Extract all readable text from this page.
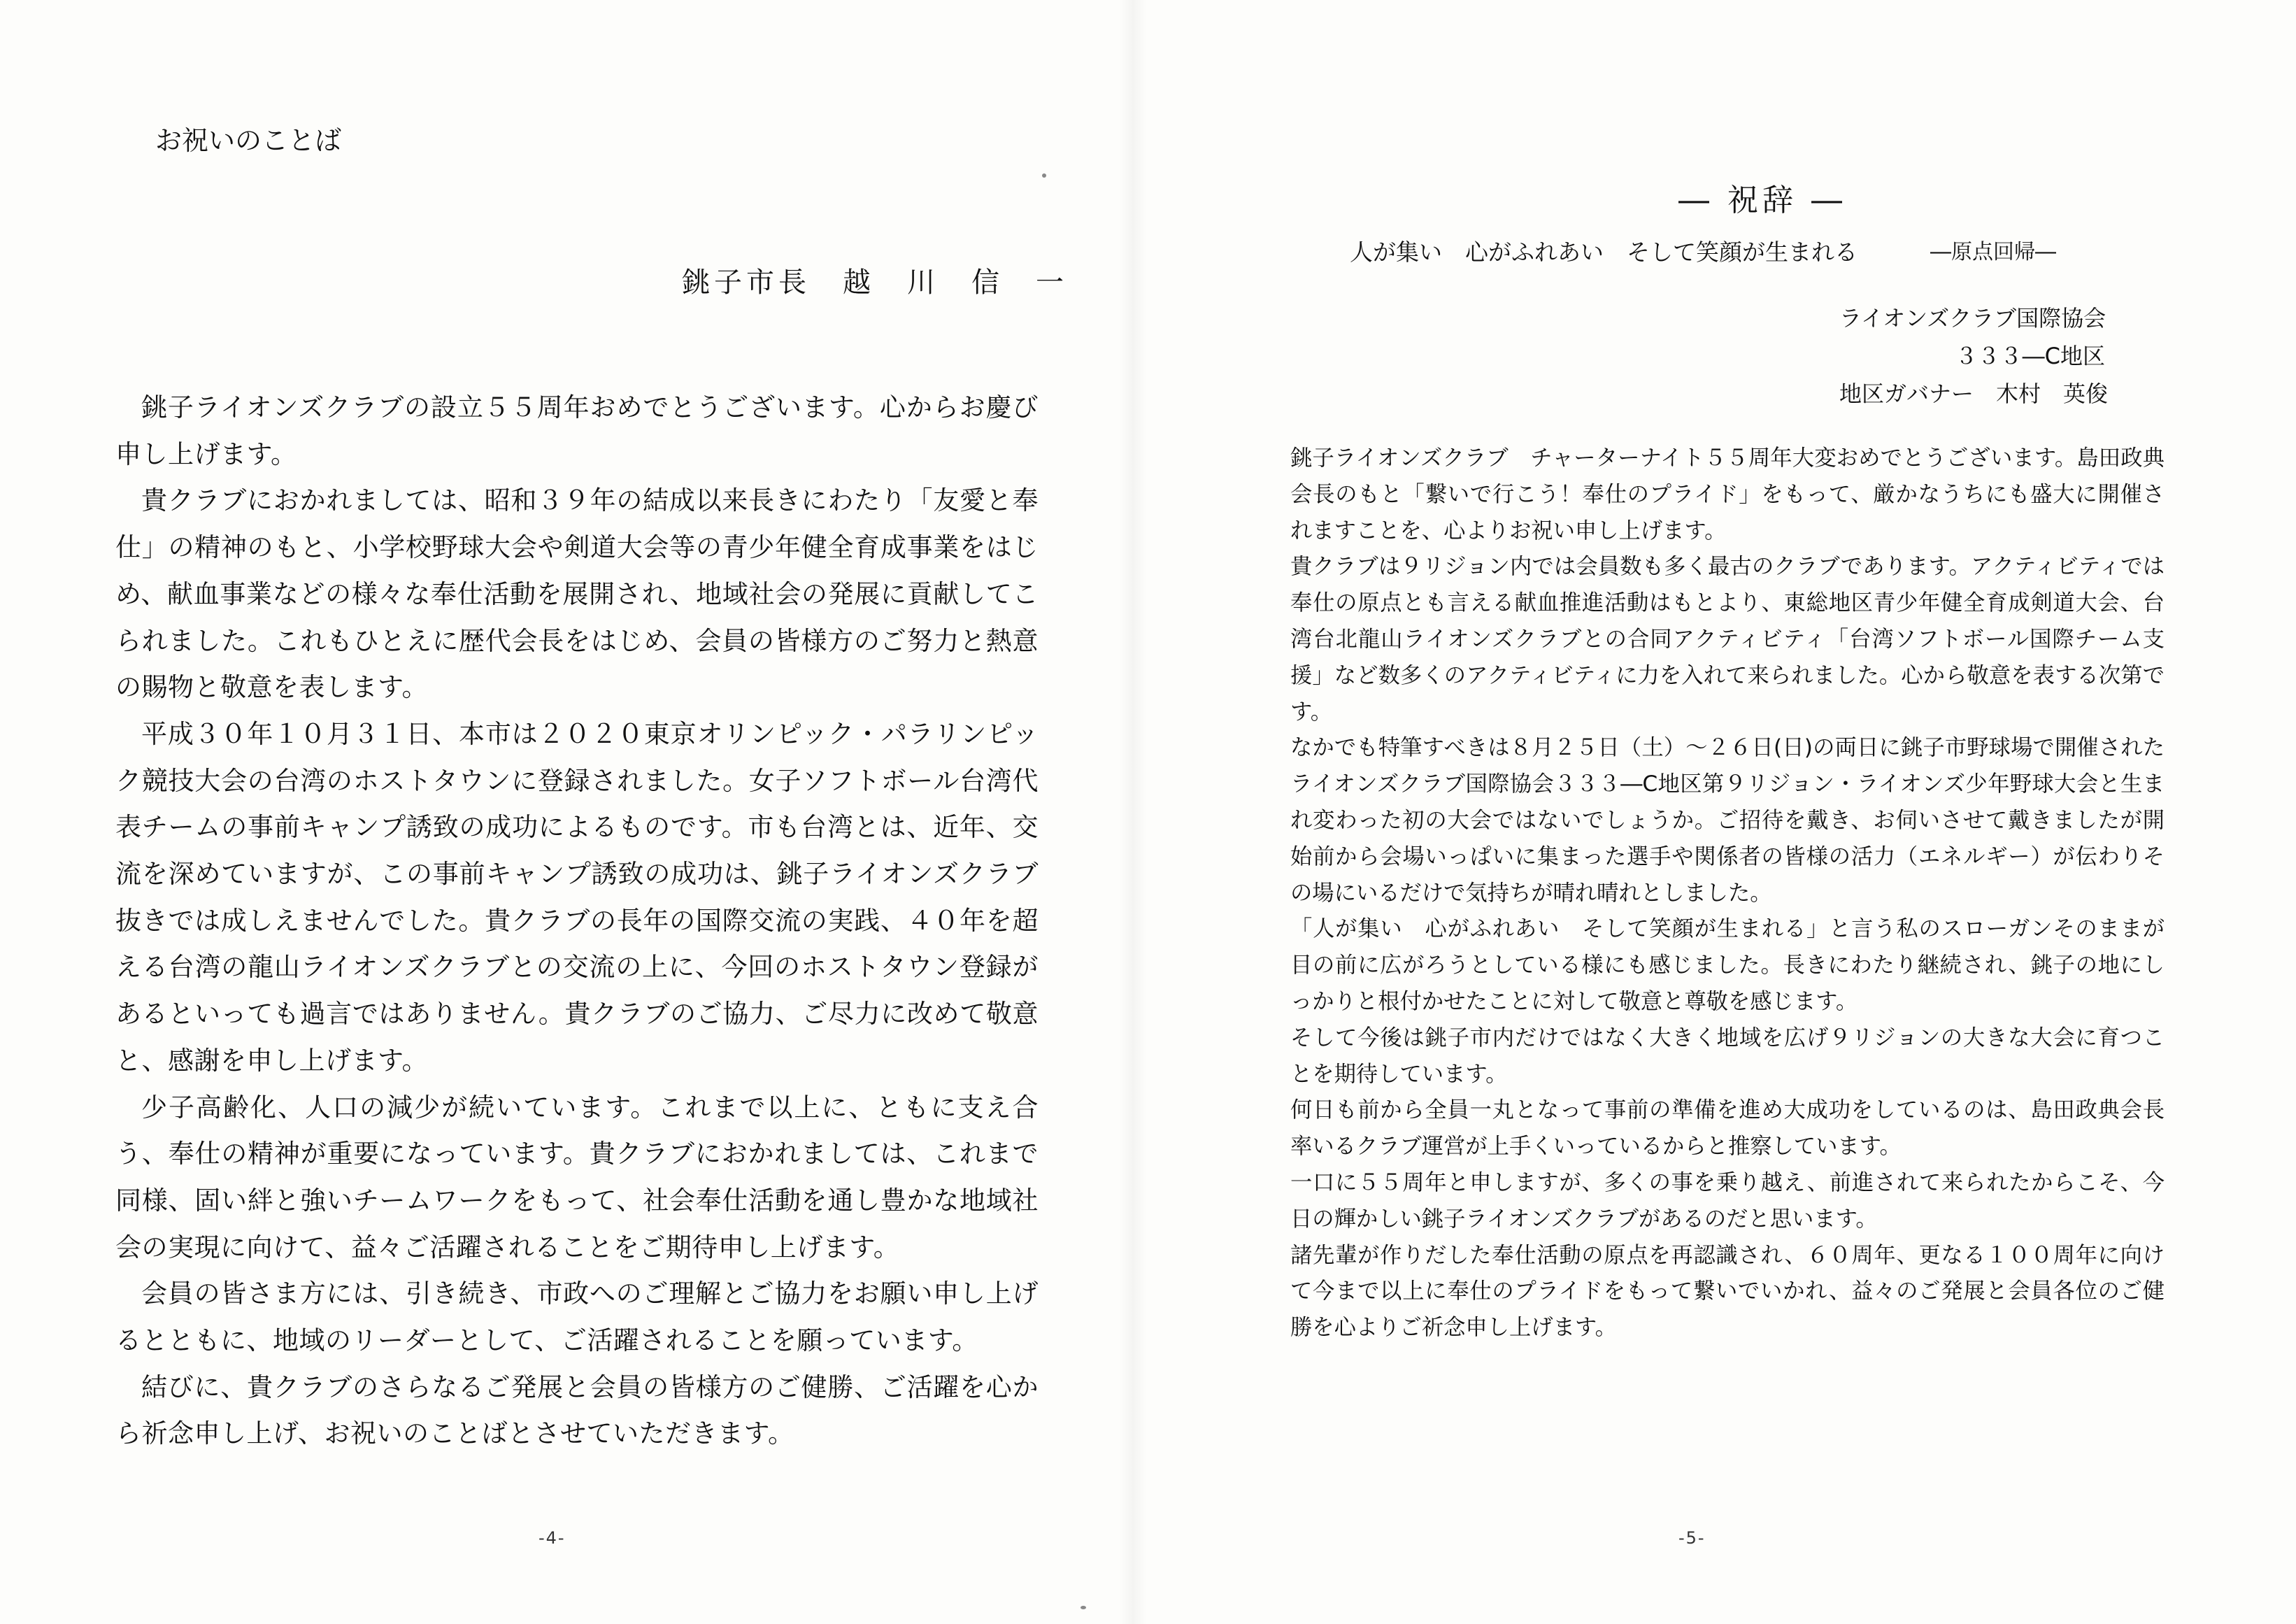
お祝いのことば
銚子市長　越　川　信　一

銚子ライオンズクラブの設立５５周年おめでとうございます。心からお慶び申し上げます。

貴クラブにおかれましては、昭和３９年の結成以来長きにわたり「友愛と奉仕」の精神のもと、小学校野球大会や剣道大会等の青少年健全育成事業をはじめ、献血事業などの様々な奉仕活動を展開され、地域社会の発展に貢献してこられました。これもひとえに歴代会長をはじめ、会員の皆様方のご努力と熱意の賜物と敬意を表します。

平成３０年１０月３１日、本市は２０２０東京オリンピック・パラリンピック競技大会の台湾のホストタウンに登録されました。女子ソフトボール台湾代表チームの事前キャンプ誘致の成功によるものです。市も台湾とは、近年、交流を深めていますが、この事前キャンプ誘致の成功は、銚子ライオンズクラブ抜きでは成しえませんでした。貴クラブの長年の国際交流の実践、４０年を超える台湾の龍山ライオンズクラブとの交流の上に、今回のホストタウン登録があるといっても過言ではありません。貴クラブのご協力、ご尽力に改めて敬意と、感謝を申し上げます。

少子高齢化、人口の減少が続いています。これまで以上に、ともに支え合う、奉仕の精神が重要になっています。貴クラブにおかれましては、これまで同様、固い絆と強いチームワークをもって、社会奉仕活動を通し豊かな地域社会の実現に向けて、益々ご活躍されることをご期待申し上げます。

会員の皆さま方には、引き続き、市政へのご理解とご協力をお願い申し上げるとともに、地域のリーダーとして、ご活躍されることを願っています。

結びに、貴クラブのさらなるご発展と会員の皆様方のご健勝、ご活躍を心から祈念申し上げ、お祝いのことばとさせていただきます。

-4-
― 祝辞 ―
人が集い　心がふれあい　そして笑顔が生まれる	―原点回帰―
ライオンズクラブ国際協会
３３３―C地区
地区ガバナー　木村　英俊

銚子ライオンズクラブ　チャーターナイト５５周年大変おめでとうございます。島田政典会長のもと「繋いで行こう！奉仕のプライド」をもって、厳かなうちにも盛大に開催されますことを、心よりお祝い申し上げます。

貴クラブは９リジョン内では会員数も多く最古のクラブであります。アクティビティでは奉仕の原点とも言える献血推進活動はもとより、東総地区青少年健全育成剣道大会、台湾台北龍山ライオンズクラブとの合同アクティビティ「台湾ソフトボール国際チーム支援」など数多くのアクティビティに力を入れて来られました。心から敬意を表する次第です。

なかでも特筆すべきは８月２５日（土）～２６日(日)の両日に銚子市野球場で開催されたライオンズクラブ国際協会３３３―C地区第９リジョン・ライオンズ少年野球大会と生まれ変わった初の大会ではないでしょうか。ご招待を戴き、お伺いさせて戴きましたが開始前から会場いっぱいに集まった選手や関係者の皆様の活力（エネルギー）が伝わりその場にいるだけで気持ちが晴れ晴れとしました。

「人が集い　心がふれあい　そして笑顔が生まれる」と言う私のスローガンそのままが目の前に広がろうとしている様にも感じました。長きにわたり継続され、銚子の地にしっかりと根付かせたことに対して敬意と尊敬を感じます。

そして今後は銚子市内だけではなく大きく地域を広げ９リジョンの大きな大会に育つことを期待しています。

何日も前から全員一丸となって事前の準備を進め大成功をしているのは、島田政典会長率いるクラブ運営が上手くいっているからと推察しています。

一口に５５周年と申しますが、多くの事を乗り越え、前進されて来られたからこそ、今日の輝かしい銚子ライオンズクラブがあるのだと思います。

諸先輩が作りだした奉仕活動の原点を再認識され、６０周年、更なる１００周年に向けて今まで以上に奉仕のプライドをもって繋いでいかれ、益々のご発展と会員各位のご健勝を心よりご祈念申し上げます。

-5-
